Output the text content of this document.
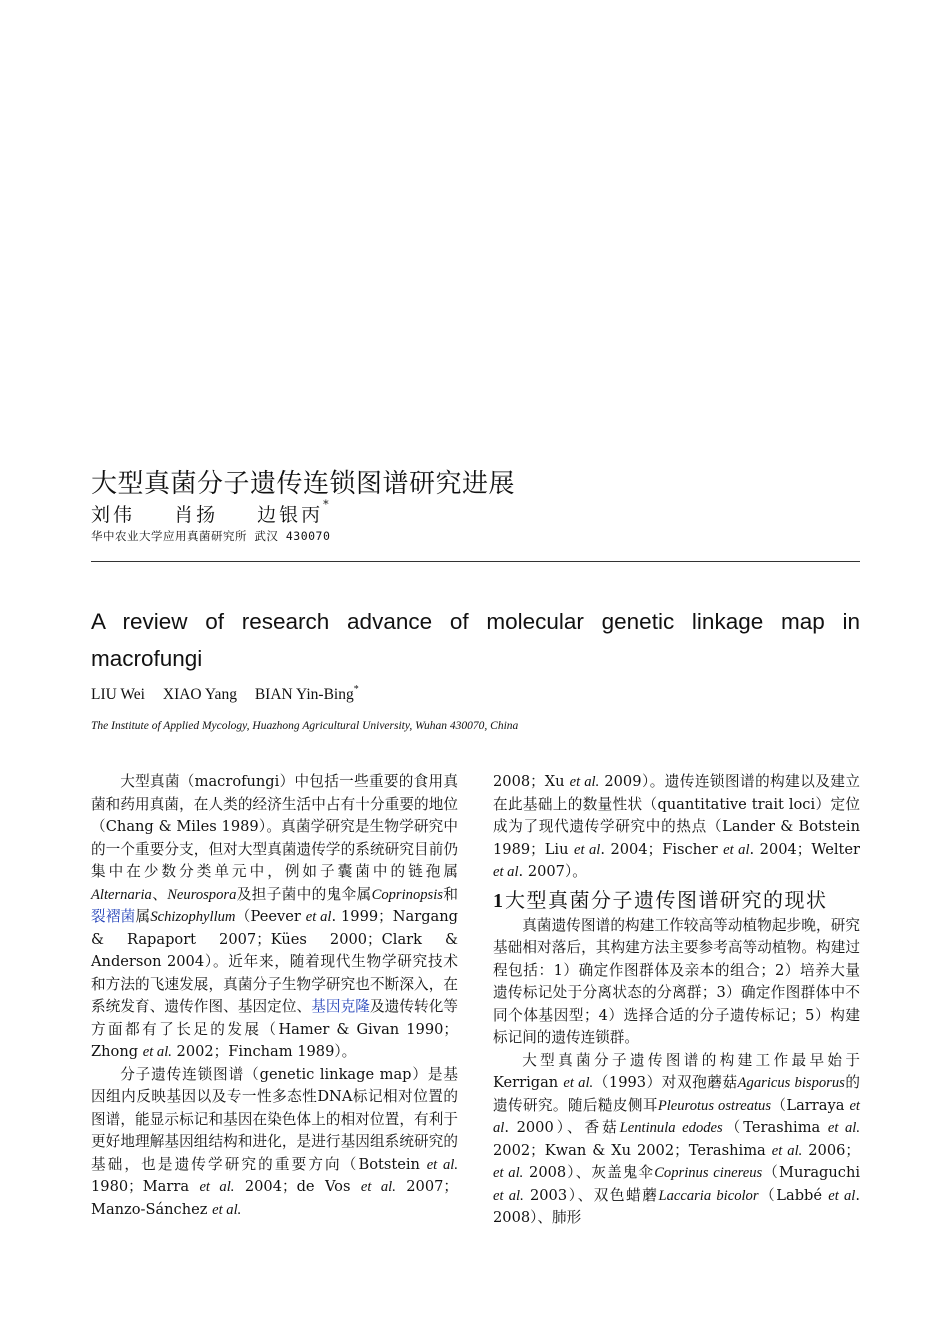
大型真菌分子遗传连锁图谱研究进展
刘伟 肖扬 边银丙*
华中农业大学应用真菌研究所 武汉 430070
A review of research advance of molecular genetic linkage map in macrofungi
LIU Wei XIAO Yang BIAN Yin-Bing*
The Institute of Applied Mycology, Huazhong Agricultural University, Wuhan 430070, China

大型真菌（macrofungi）中包括一些重要的食用真菌和药用真菌，在人类的经济生活中占有十分重要的地位（Chang & Miles 1989）。真菌学研究是生物学研究中的一个重要分支，但对大型真菌遗传学的系统研究目前仍集中在少数分类单元中，例如子囊菌中的链孢属Alternaria、Neurospora及担子菌中的鬼伞属Coprinopsis和裂褶菌属Schizophyllum（Peever et al. 1999；Nargang & Rapaport 2007；Kües 2000；Clark & Anderson 2004）。近年来，随着现代生物学研究技术和方法的飞速发展，真菌分子生物学研究也不断深入，在系统发育、遗传作图、基因定位、基因克隆及遗传转化等方面都有了长足的发展（Hamer & Givan 1990；Zhong et al. 2002；Fincham 1989）。

分子遗传连锁图谱（genetic linkage map）是基因组内反映基因以及专一性多态性DNA标记相对位置的图谱，能显示标记和基因在染色体上的相对位置，有利于更好地理解基因组结构和进化，是进行基因组系统研究的基础，也是遗传学研究的重要方向（Botstein et al. 1980；Marra et al. 2004；de Vos et al. 2007；Manzo-Sánchez et al.

2008；Xu et al. 2009）。遗传连锁图谱的构建以及建立在此基础上的数量性状（quantitative trait loci）定位成为了现代遗传学研究中的热点（Lander & Botstein 1989；Liu et al. 2004；Fischer et al. 2004；Welter et al. 2007）。

1 大型真菌分子遗传图谱研究的现状

真菌遗传图谱的构建工作较高等动植物起步晚，研究基础相对落后，其构建方法主要参考高等动植物。构建过程包括：1）确定作图群体及亲本的组合；2）培养大量遗传标记处于分离状态的分离群；3）确定作图群体中不同个体基因型；4）选择合适的分子遗传标记；5）构建标记间的遗传连锁群。

大型真菌分子遗传图谱的构建工作最早始于Kerrigan et al.（1993）对双孢蘑菇Agaricus bisporus的遗传研究。随后糙皮侧耳Pleurotus ostreatus（Larraya et al. 2000）、香菇Lentinula edodes（Terashima et al. 2002；Kwan & Xu 2002；Terashima et al. 2006； et al. 2008）、灰盖鬼伞Coprinus cinereus（Muraguchi et al. 2003）、双色蜡蘑Laccaria bicolor（Labbé et al. 2008）、肺形
